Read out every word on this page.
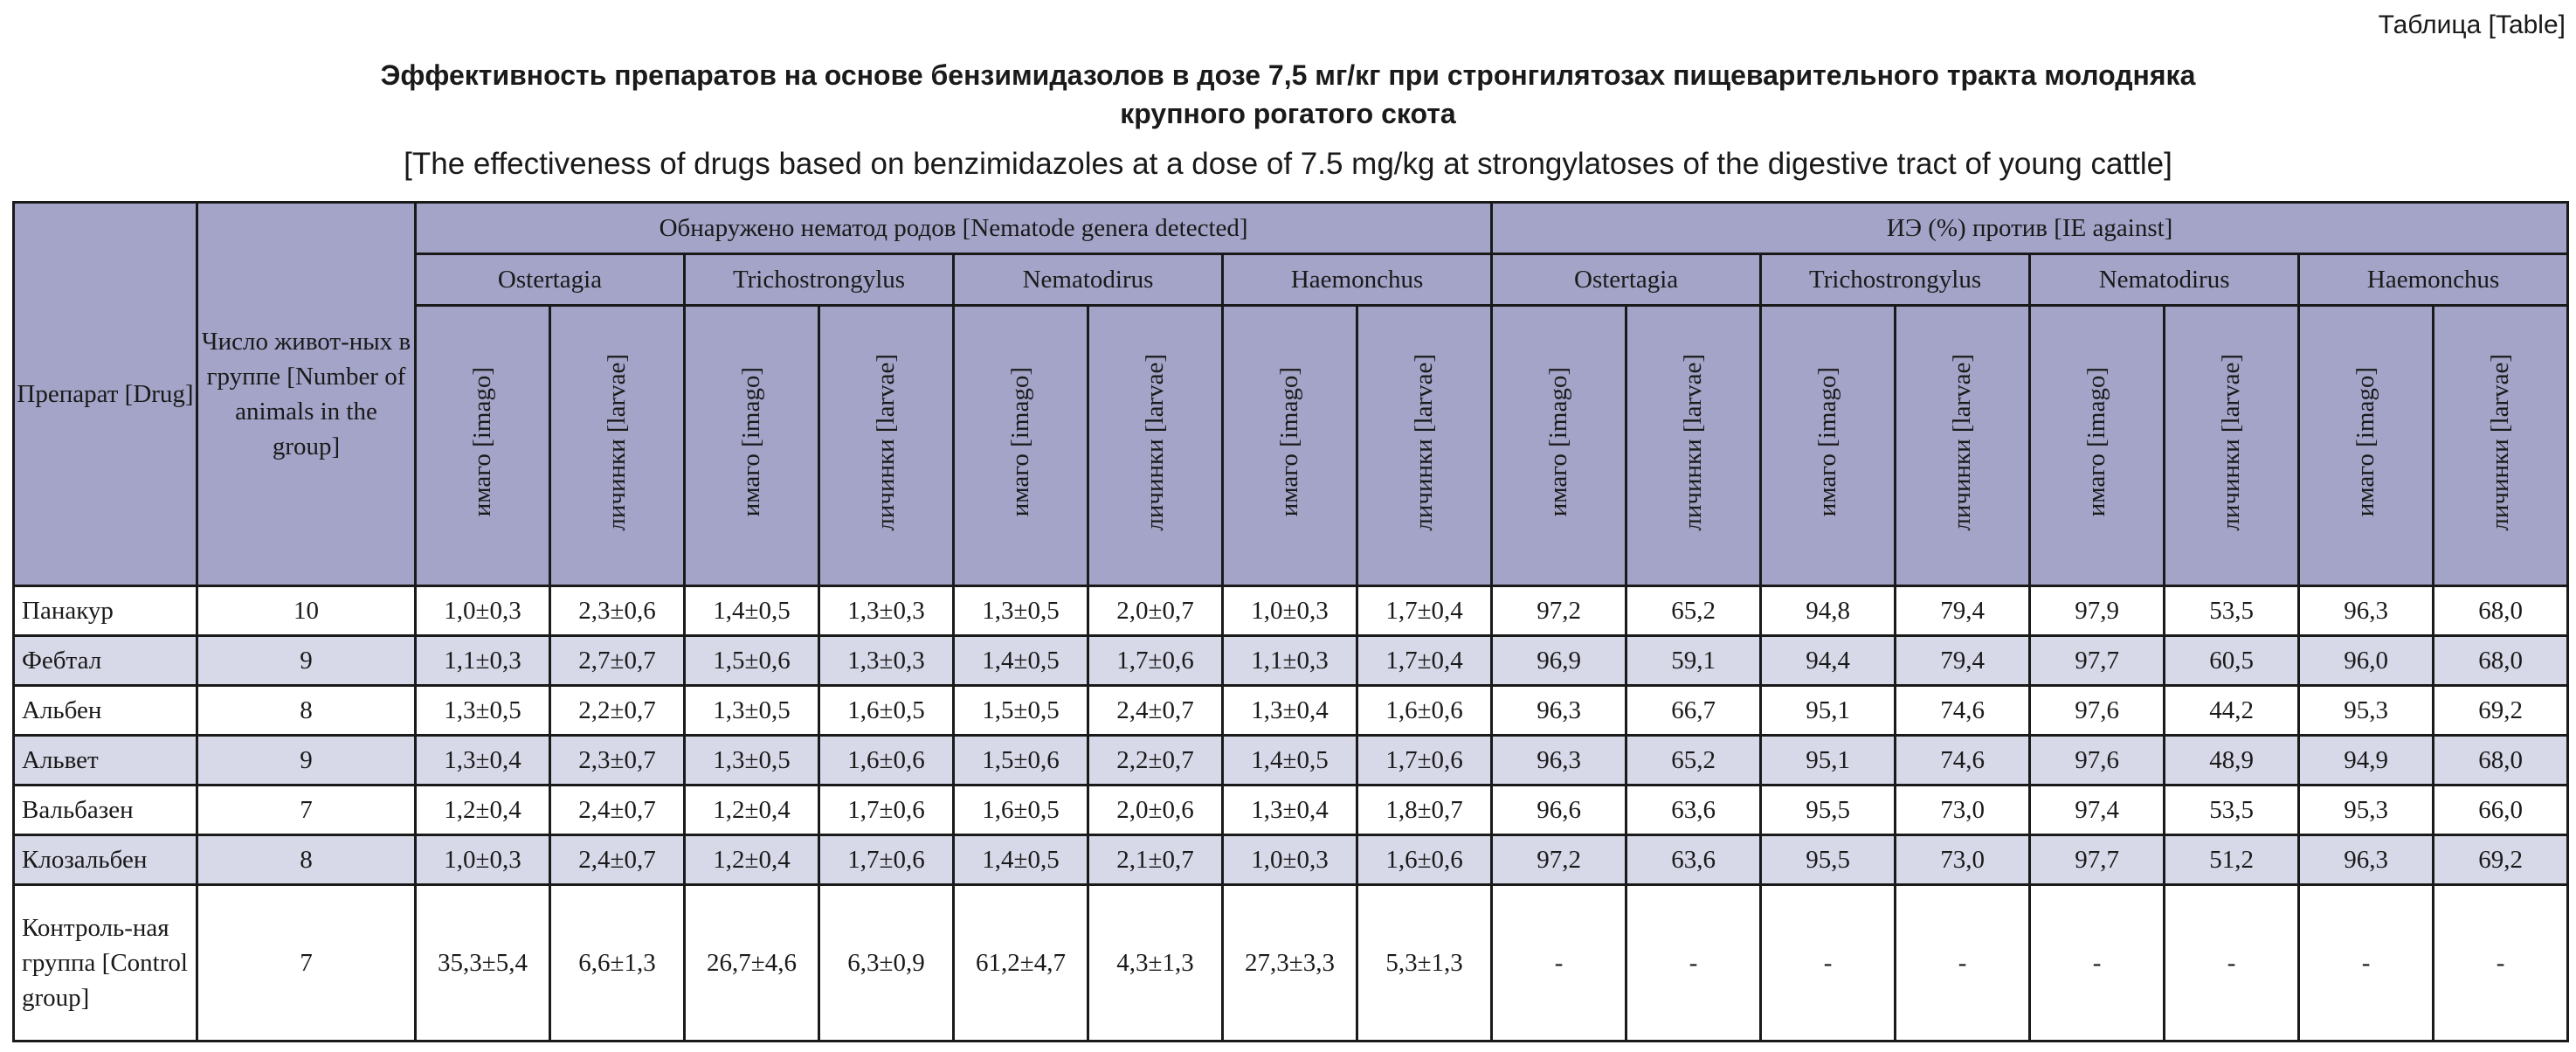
Таблица [Table]
Эффективность препаратов на основе бензимидазолов в дозе 7,5 мг/кг при стронгилятозах пищеварительного тракта молодняка
крупного рогатого скота
[The effectiveness of drugs based on benzimidazoles at a dose of 7.5 mg/kg at strongylatoses of the digestive tract of young cattle]
Препарат [Drug]	Число живот-ных в группе [Number of animals in the group]	Обнаружено нематод родов [Nematode genera detected]								ИЭ (%) против [IE against]							
		Ostertagia		Trichostrongylus		Nematodirus		Haemonchus		Ostertagia		Trichostrongylus		Nematodirus		Haemonchus	
		имаго [imago]	личинки [larvae]	имаго [imago]	личинки [larvae]	имаго [imago]	личинки [larvae]	имаго [imago]	личинки [larvae]	имаго [imago]	личинки [larvae]	имаго [imago]	личинки [larvae]	имаго [imago]	личинки [larvae]	имаго [imago]	личинки [larvae]
Панакур	10	1,0±0,3	2,3±0,6	1,4±0,5	1,3±0,3	1,3±0,5	2,0±0,7	1,0±0,3	1,7±0,4	97,2	65,2	94,8	79,4	97,9	53,5	96,3	68,0
Фебтал	9	1,1±0,3	2,7±0,7	1,5±0,6	1,3±0,3	1,4±0,5	1,7±0,6	1,1±0,3	1,7±0,4	96,9	59,1	94,4	79,4	97,7	60,5	96,0	68,0
Альбен	8	1,3±0,5	2,2±0,7	1,3±0,5	1,6±0,5	1,5±0,5	2,4±0,7	1,3±0,4	1,6±0,6	96,3	66,7	95,1	74,6	97,6	44,2	95,3	69,2
Альвет	9	1,3±0,4	2,3±0,7	1,3±0,5	1,6±0,6	1,5±0,6	2,2±0,7	1,4±0,5	1,7±0,6	96,3	65,2	95,1	74,6	97,6	48,9	94,9	68,0
Вальбазен	7	1,2±0,4	2,4±0,7	1,2±0,4	1,7±0,6	1,6±0,5	2,0±0,6	1,3±0,4	1,8±0,7	96,6	63,6	95,5	73,0	97,4	53,5	95,3	66,0
Клозальбен	8	1,0±0,3	2,4±0,7	1,2±0,4	1,7±0,6	1,4±0,5	2,1±0,7	1,0±0,3	1,6±0,6	97,2	63,6	95,5	73,0	97,7	51,2	96,3	69,2
Контроль-ная группа [Control group]	7	35,3±5,4	6,6±1,3	26,7±4,6	6,3±0,9	61,2±4,7	4,3±1,3	27,3±3,3	5,3±1,3	-	-	-	-	-	-	-	-
